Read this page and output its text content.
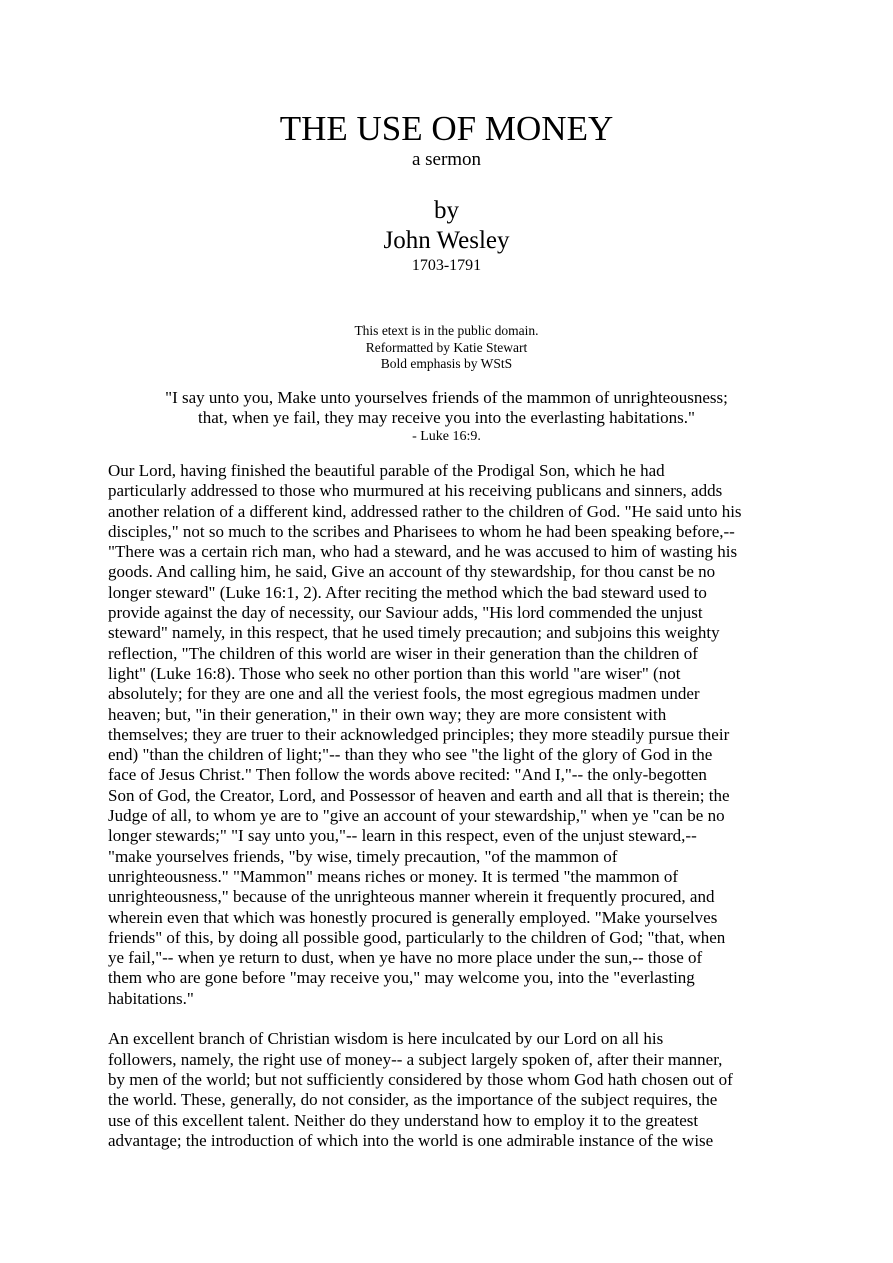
THE USE OF MONEY
a sermon
by
John Wesley
1703-1791
This etext is in the public domain.
Reformatted by Katie Stewart
Bold emphasis by WStS
"I say unto you, Make unto yourselves friends of the mammon of unrighteousness;
that, when ye fail, they may receive you into the everlasting habitations."
- Luke 16:9.

Our Lord, having finished the beautiful parable of the Prodigal Son, which he had
particularly addressed to those who murmured at his receiving publicans and sinners, adds
another relation of a different kind, addressed rather to the children of God. "He said unto his
disciples," not so much to the scribes and Pharisees to whom he had been speaking before,--
"There was a certain rich man, who had a steward, and he was accused to him of wasting his
goods. And calling him, he said, Give an account of thy stewardship, for thou canst be no
longer steward" (Luke 16:1, 2). After reciting the method which the bad steward used to
provide against the day of necessity, our Saviour adds, "His lord commended the unjust
steward" namely, in this respect, that he used timely precaution; and subjoins this weighty
reflection, "The children of this world are wiser in their generation than the children of
light" (Luke 16:8). Those who seek no other portion than this world "are wiser" (not
absolutely; for they are one and all the veriest fools, the most egregious madmen under
heaven; but, "in their generation," in their own way; they are more consistent with
themselves; they are truer to their acknowledged principles; they more steadily pursue their
end) "than the children of light;"-- than they who see "the light of the glory of God in the
face of Jesus Christ." Then follow the words above recited: "And I,"-- the only-begotten
Son of God, the Creator, Lord, and Possessor of heaven and earth and all that is therein; the
Judge of all, to whom ye are to "give an account of your stewardship," when ye "can be no
longer stewards;" "I say unto you,"-- learn in this respect, even of the unjust steward,--
"make yourselves friends, "by wise, timely precaution, "of the mammon of
unrighteousness." "Mammon" means riches or money. It is termed "the mammon of
unrighteousness," because of the unrighteous manner wherein it frequently procured, and
wherein even that which was honestly procured is generally employed. "Make yourselves
friends" of this, by doing all possible good, particularly to the children of God; "that, when
ye fail,"-- when ye return to dust, when ye have no more place under the sun,-- those of
them who are gone before "may receive you," may welcome you, into the "everlasting
habitations."

An excellent branch of Christian wisdom is here inculcated by our Lord on all his
followers, namely, the right use of money-- a subject largely spoken of, after their manner,
by men of the world; but not sufficiently considered by those whom God hath chosen out of
the world. These, generally, do not consider, as the importance of the subject requires, the
use of this excellent talent. Neither do they understand how to employ it to the greatest
advantage; the introduction of which into the world is one admirable instance of the wise
